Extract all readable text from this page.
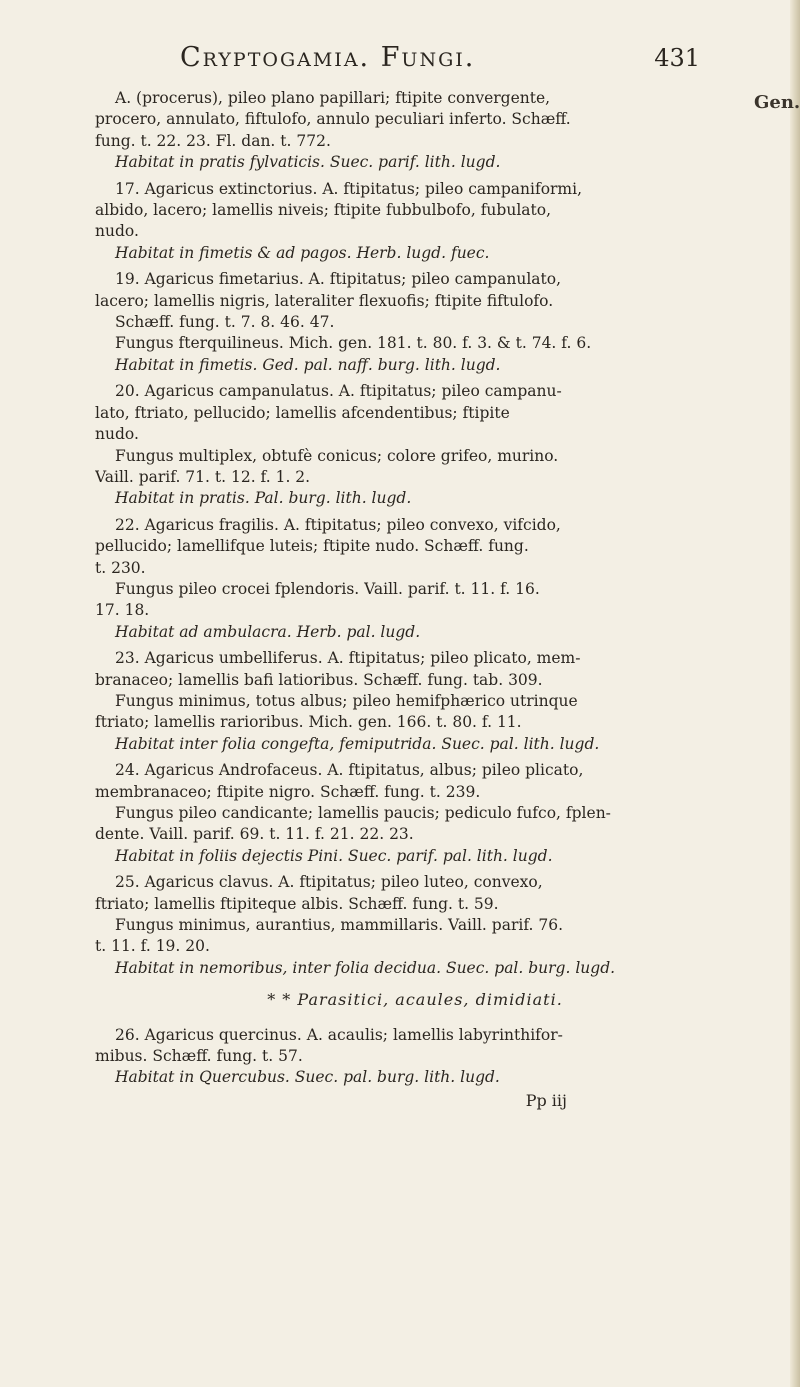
Cryptogamia. Fungi.	431
Gen.
A. (procerus), pileo plano papillari; ftipite convergente,
procero, annulato, fiftulofo, annulo peculiari inferto. Schæff.
fung. t. 22. 23. Fl. dan. t. 772.
Habitat in pratis fylvaticis. Suec. parif. lith. lugd.
17. Agaricus extinctorius. A. ftipitatus; pileo campaniformi,
albido, lacero; lamellis niveis; ftipite fubbulbofo, fubulato,
nudo.
Habitat in fimetis & ad pagos. Herb. lugd. fuec.
19. Agaricus fimetarius. A. ftipitatus; pileo campanulato,
lacero; lamellis nigris, lateraliter flexuofis; ftipite fiftulofo.
Schæff. fung. t. 7. 8. 46. 47.
Fungus fterquilineus. Mich. gen. 181. t. 80. f. 3. & t. 74. f. 6.
Habitat in fimetis. Ged. pal. naff. burg. lith. lugd.
20. Agaricus campanulatus. A. ftipitatus; pileo campanu-
lato, ftriato, pellucido; lamellis afcendentibus; ftipite
nudo.
Fungus multiplex, obtufè conicus; colore grifeo, murino.
Vaill. parif. 71. t. 12. f. 1. 2.
Habitat in pratis. Pal. burg. lith. lugd.
22. Agaricus fragilis. A. ftipitatus; pileo convexo, vifcido,
pellucido; lamellifque luteis; ftipite nudo. Schæff. fung.
t. 230.
Fungus pileo crocei fplendoris. Vaill. parif. t. 11. f. 16.
17. 18.
Habitat ad ambulacra. Herb. pal. lugd.
23. Agaricus umbelliferus. A. ftipitatus; pileo plicato, mem-
branaceo; lamellis bafi latioribus. Schæff. fung. tab. 309.
Fungus minimus, totus albus; pileo hemifphærico utrinque
ftriato; lamellis rarioribus. Mich. gen. 166. t. 80. f. 11.
Habitat inter folia congefta, femiputrida. Suec. pal. lith. lugd.
24. Agaricus Androfaceus. A. ftipitatus, albus; pileo plicato,
membranaceo; ftipite nigro. Schæff. fung. t. 239.
Fungus pileo candicante; lamellis paucis; pediculo fufco, fplen-
dente. Vaill. parif. 69. t. 11. f. 21. 22. 23.
Habitat in foliis dejectis Pini. Suec. parif. pal. lith. lugd.
25. Agaricus clavus. A. ftipitatus; pileo luteo, convexo,
ftriato; lamellis ftipiteque albis. Schæff. fung. t. 59.
Fungus minimus, aurantius, mammillaris. Vaill. parif. 76.
t. 11. f. 19. 20.
Habitat in nemoribus, inter folia decidua. Suec. pal. burg. lugd.
* * Parasitici, acaules, dimidiati.
26. Agaricus quercinus. A. acaulis; lamellis labyrinthifor-
mibus. Schæff. fung. t. 57.
Habitat in Quercubus. Suec. pal. burg. lith. lugd.
Pp iij
